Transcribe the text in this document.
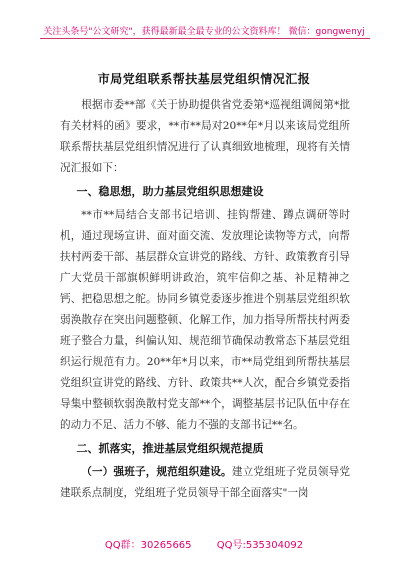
关注头条号"公文研究"，获得最新最全最专业的公文资料库！ 微信：gongwenyj
市局党组联系帮扶基层党组织情况汇报

根据市委**部《关于协助提供省党委第*巡视组调阅第*批有关材料的函》要求，**市**局对20**年*月以来该局党组所联系帮扶基层党组织情况进行了认真细致地梳理，现将有关情况汇报如下：

一、稳思想，助力基层党组织思想建设

**市**局结合支部书记培训、挂钩帮建、蹲点调研等时机，通过现场宣讲、面对面交流、发放理论读物等方式，向帮扶村两委干部、基层群众宣讲党的路线、方针、政策教育引导广大党员干部旗帜鲜明讲政治，筑牢信仰之基、补足精神之钙、把稳思想之舵。协同乡镇党委逐步推进个别基层党组织软弱涣散存在突出问题整顿、化解工作，加力指导所帮扶村两委班子整合力量，纠偏认知、规范细节确保动教常态下基层党组织运行规范有力。20**年*月以来，市**局党组到所帮扶基层党组织宣讲党的路线、方针、政策共**人次，配合乡镇党委指导集中整顿软弱涣散村党支部**个，调整基层书记队伍中存在的动力不足、活力不够、能力不强的支部书记**名。

二、抓落实，推进基层党组织规范提质

（一）强班子，规范组织建设。建立党组班子党员领导党建联系点制度，党组班子党员领导干部全面落实"一岗

QQ群：30265665	QQ号:535304092
